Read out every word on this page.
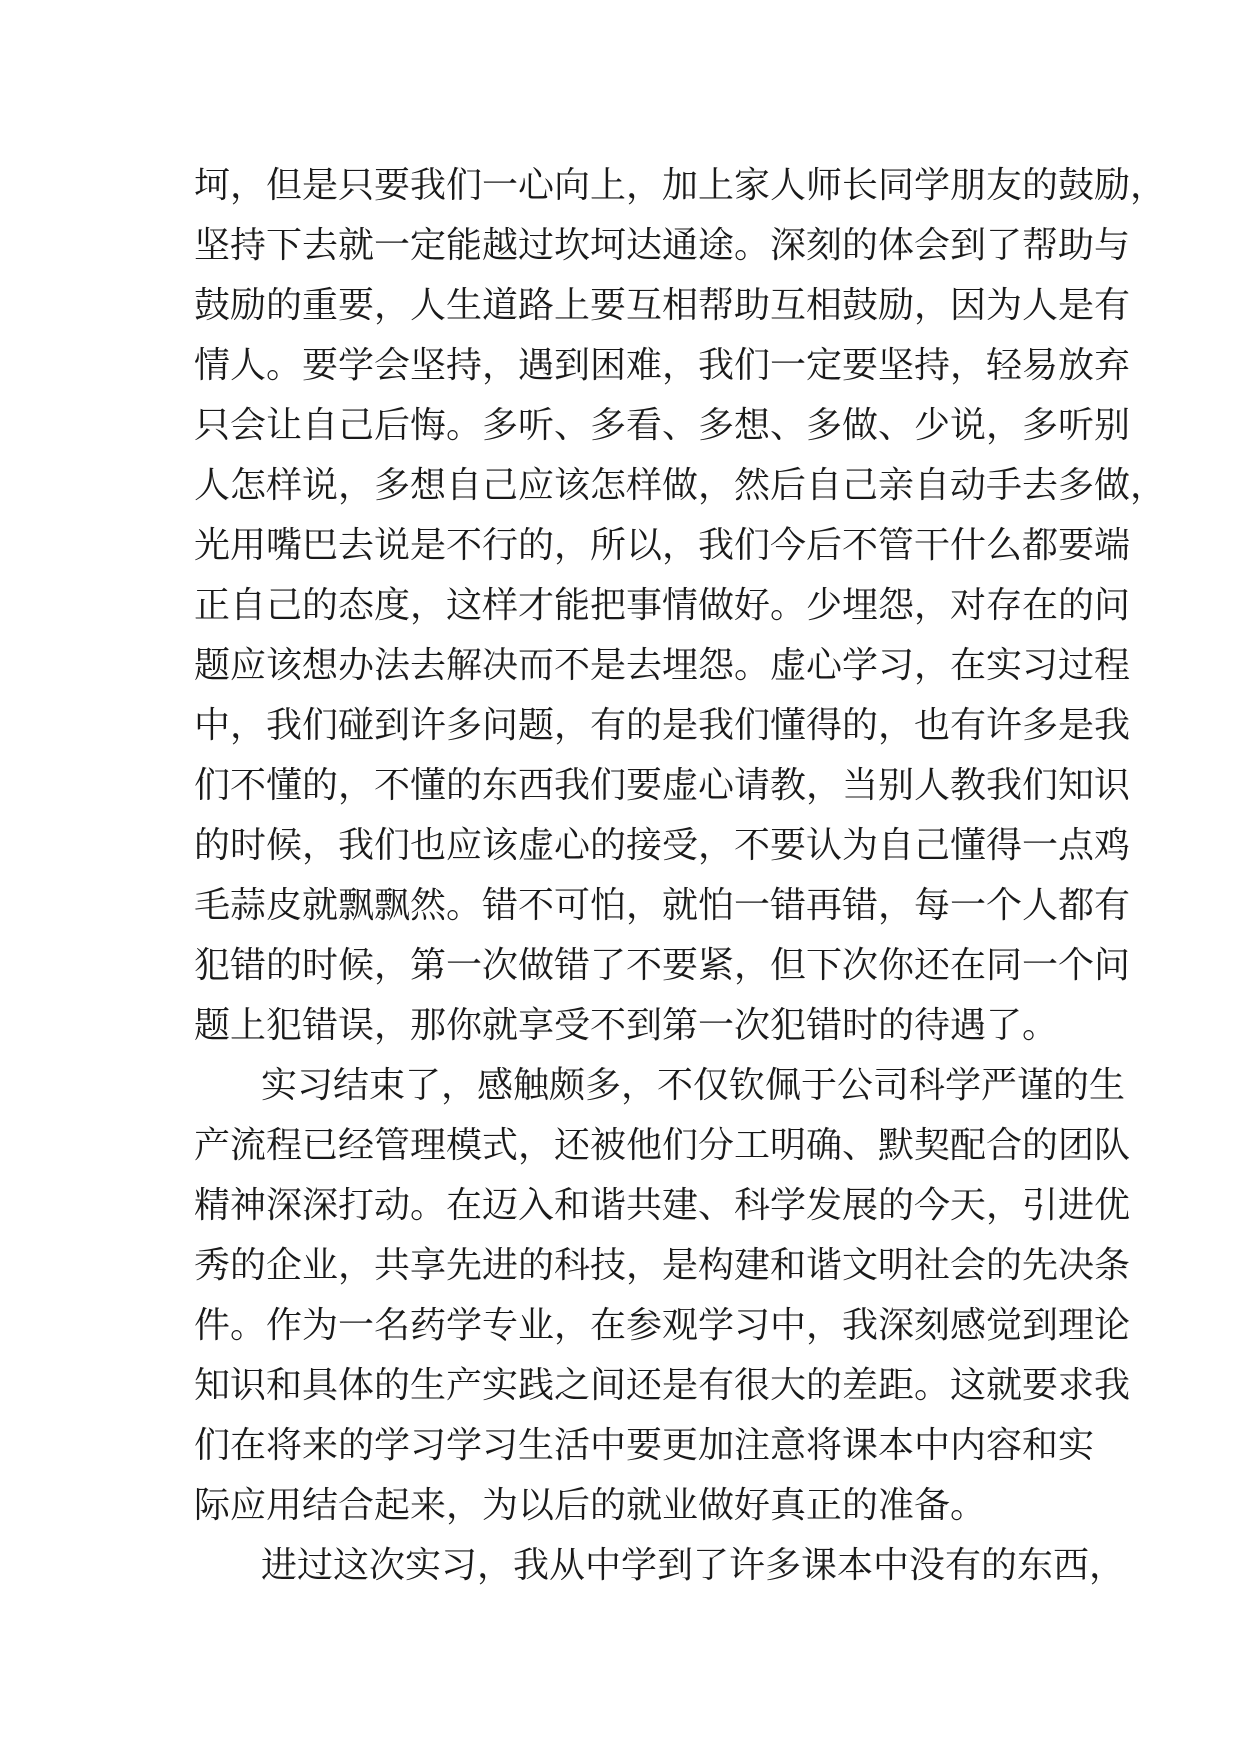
坷，但是只要我们一心向上，加上家人师长同学朋友的鼓励，
坚持下去就一定能越过坎坷达通途。深刻的体会到了帮助与
鼓励的重要，人生道路上要互相帮助互相鼓励，因为人是有
情人。要学会坚持，遇到困难，我们一定要坚持，轻易放弃
只会让自己后悔。多听、多看、多想、多做、少说，多听别
人怎样说，多想自己应该怎样做，然后自己亲自动手去多做，
光用嘴巴去说是不行的，所以，我们今后不管干什么都要端
正自己的态度，这样才能把事情做好。少埋怨，对存在的问
题应该想办法去解决而不是去埋怨。虚心学习，在实习过程
中，我们碰到许多问题，有的是我们懂得的，也有许多是我
们不懂的，不懂的东西我们要虚心请教，当别人教我们知识
的时候，我们也应该虚心的接受，不要认为自己懂得一点鸡
毛蒜皮就飘飘然。错不可怕，就怕一错再错，每一个人都有
犯错的时候，第一次做错了不要紧，但下次你还在同一个问
题上犯错误，那你就享受不到第一次犯错时的待遇了。
实习结束了，感触颇多，不仅钦佩于公司科学严谨的生
产流程已经管理模式，还被他们分工明确、默契配合的团队
精神深深打动。在迈入和谐共建、科学发展的今天，引进优
秀的企业，共享先进的科技，是构建和谐文明社会的先决条
件。作为一名药学专业，在参观学习中，我深刻感觉到理论
知识和具体的生产实践之间还是有很大的差距。这就要求我
们在将来的学习学习生活中要更加注意将课本中内容和实
际应用结合起来，为以后的就业做好真正的准备。
进过这次实习，我从中学到了许多课本中没有的东西，
